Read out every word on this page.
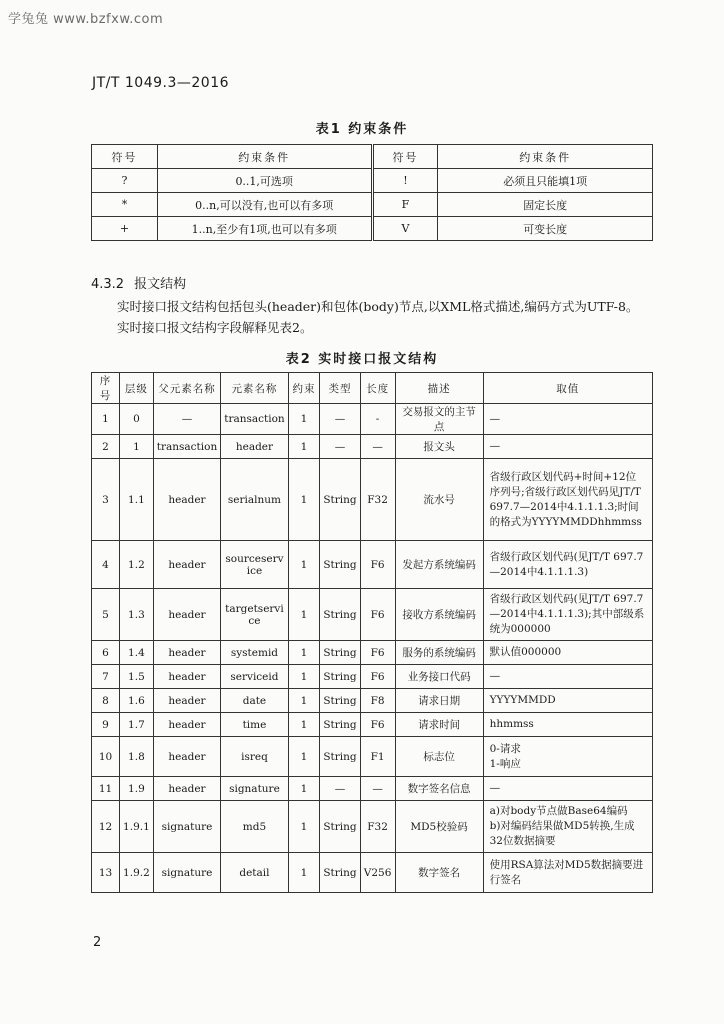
学兔兔 www.bzfxw.com
JT/T 1049.3—2016
表1 约束条件
符号	约束条件	符号	约束条件
?	0..1,可选项	!	必须且只能填1项
*	0..n,可以没有,也可以有多项	F	固定长度
+	1..n,至少有1项,也可以有多项	V	可变长度
4.3.2 报文结构
实时接口报文结构包括包头(header)和包体(body)节点,以XML格式描述,编码方式为UTF-8。
实时接口报文结构字段解释见表2。
表2 实时接口报文结构
序号	层级	父元素名称	元素名称	约束	类型	长度	描述	取值
1	0	—	transaction	1	—	-	交易报文的主节点	—
2	1	transaction	header	1	—	—	报文头	—
3	1.1	header	serialnum	1	String	F32	流水号	省级行政区划代码+时间+12位序列号;省级行政区划代码见JT/T 697.7—2014中4.1.1.1.3;时间的格式为YYYYMMDDhhmmss
4	1.2	header	sourceservice	1	String	F6	发起方系统编码	省级行政区划代码(见JT/T 697.7—2014中4.1.1.1.3)
5	1.3	header	targetservice	1	String	F6	接收方系统编码	省级行政区划代码(见JT/T 697.7—2014中4.1.1.1.3);其中部级系统为000000
6	1.4	header	systemid	1	String	F6	服务的系统编码	默认值000000
7	1.5	header	serviceid	1	String	F6	业务接口代码	—
8	1.6	header	date	1	String	F8	请求日期	YYYYMMDD
9	1.7	header	time	1	String	F6	请求时间	hhmmss
10	1.8	header	isreq	1	String	F1	标志位	0-请求
1-响应
11	1.9	header	signature	1	—	—	数字签名信息	—
12	1.9.1	signature	md5	1	String	F32	MD5校验码	a)对body节点做Base64编码
b)对编码结果做MD5转换,生成32位数据摘要
13	1.9.2	signature	detail	1	String	V256	数字签名	使用RSA算法对MD5数据摘要进行签名
2
